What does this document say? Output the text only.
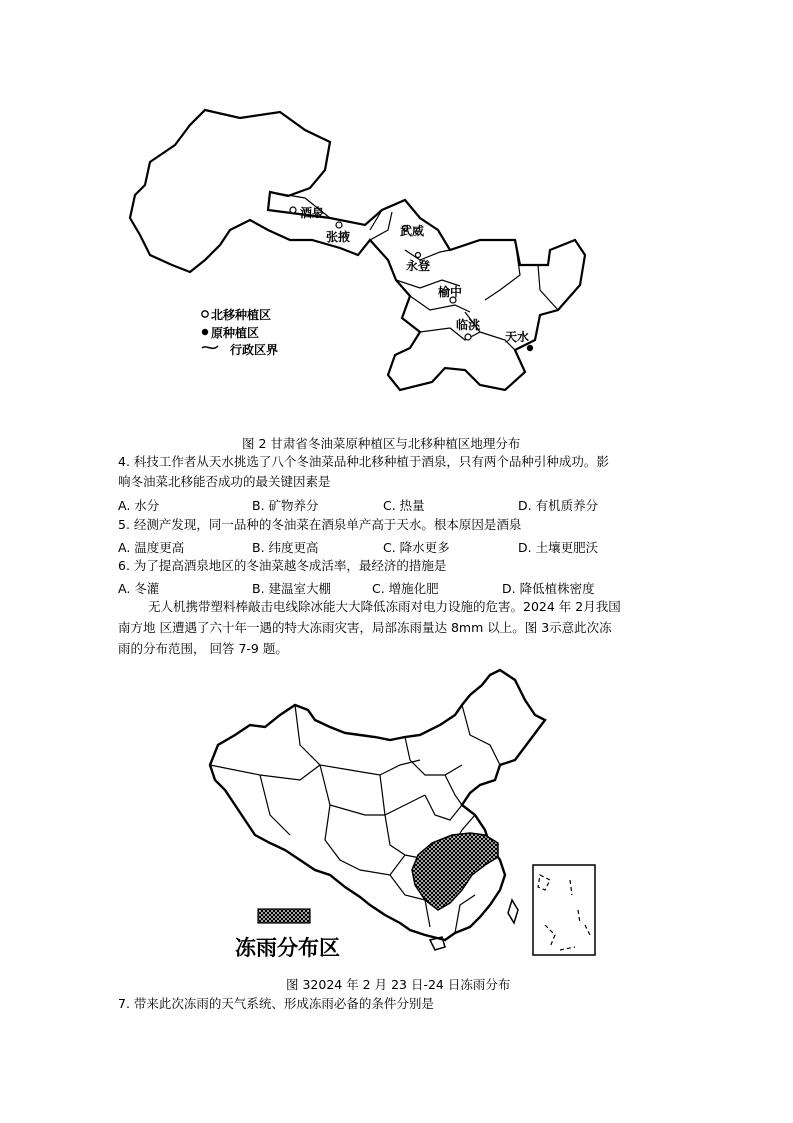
酒泉
张掖	武威
永登
榆中
临洮
天水
北移种植区
原种植区
行政区界
图 2 甘肃省冬油菜原种植区与北移种植区地理分布
4. 科技工作者从天水挑选了八个冬油菜品种北移种植于酒泉，只有两个品种引种成功。影
响冬油菜北移能否成功的最关键因素是
A. 水分	B. 矿物养分	C. 热量	D. 有机质养分
5. 经测产发现，同一品种的冬油菜在酒泉单产高于天水。根本原因是酒泉
A. 温度更高	B. 纬度更高	C. 降水更多	D. 土壤更肥沃
6. 为了提高酒泉地区的冬油菜越冬成活率，最经济的措施是
A. 冬灌	B. 建温室大棚	C. 增施化肥	D. 降低植株密度
无人机携带塑料棒敲击电线除冰能大大降低冻雨对电力设施的危害。2024 年 2月我国
南方地 区遭遇了六十年一遇的特大冻雨灾害，局部冻雨量达 8mm 以上。图 3示意此次冻
雨的分布范围， 回答 7-9 题。
冻雨分布区
图 32024 年 2 月 23 日-24 日冻雨分布
7. 带来此次冻雨的天气系统、形成冻雨必备的条件分别是
